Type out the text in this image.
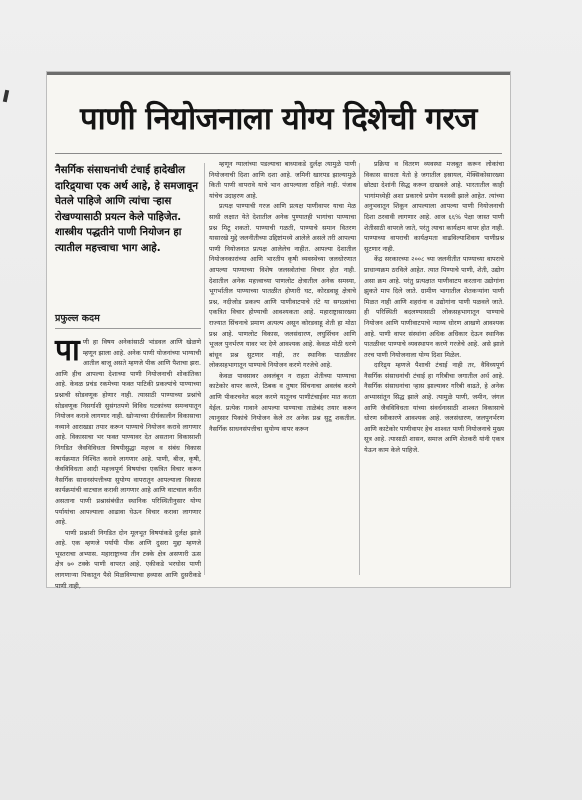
पाणी नियोजनाला योग्य दिशेची गरज
नैसर्गिक संसाधनांची टंचाई हादेखील दारिद्र्याचा एक अर्थ आहे, हे समजावून घेतले पाहिजे आणि त्यांचा ऱ्हास रोखण्यासाठी प्रयत्न केले पाहिजेत. शास्त्रीय पद्धतीने पाणी नियोजन हा त्यातील महत्त्वाचा भाग आहे.
प्रफुल्ल कदम
पाणी हा विषय अनेकांसाठी भांडवल आणि खेळणे म्हणून झाला आहे. अनेक पाणी योजनांच्या भाग्याची आतील बाजू असते म्हणजे पीक आणि पैशाचा झरा. आणि हीच आपल्या देशाच्या पाणी नियोजनाची शोकांतिका आहे. केवळ प्रचंड रकमेच्या फक्त पाटिकी प्रकल्पांचे पाण्याच्या प्रश्नाची सोडवणूक होणार नाही. त्यासाठी पाण्याच्या प्रश्नांचे सोडवणूक निसर्गाशी सुसंगतपणे विविध घटकांच्या समन्वयातून नियोजन करावे लागणार नाही. खोऱ्याच्या दीर्घकालीन विकासाचा नव्याने आराखडा तयार करून पाण्याचे नियोजन करावे लागणार आहे. विकासाचा भर फक्त पाण्यावर देत असताना विकासाशी निगडित जैवविविधता विषयीसुद्धा महत्त्व व संबंध विकास कार्यक्रमात निश्चित करावे लागणार आहे. पाणी, बीज, कृषी, जैवविविधता आदी महत्त्वपूर्ण विषयांचा एकत्रित विचार करून नैसर्गिक साधनसंपत्तीच्या सुयोग्य वापरातून आपल्याला विकास कार्यक्रमांची वाटचाल करावी लागणार आहे आणि वाटचाल करीत असताना पाणी प्रश्नासंबंधीत स्थानिक परिस्थितीनुसार योग्य पर्यायांचा आपल्याला आढावा घेऊन विचार करावा लागणार आहे.
पाणी प्रश्नाशी निगडित दोन मूलभूत विषयांकडे दुर्लक्ष झाले आहे. एक म्हणजे पर्यायी पीक आणि दुसरा मुद्दा म्हणजे भूस्तराचा अभ्यास. महाराष्ट्राच्या तीन टक्के क्षेत्र असणारी ऊस क्षेत्र ७० टक्के पाणी वापरत आहे. एकीकडे भरघोस पाणी लागणाऱ्या पिकातून पैसे मिळविण्याचा हव्यास आणि दुसरीकडे पाणी नाही,
म्हणून ग्यालांच्या पडल्याचा बाध्याकडे दुर्लक्ष त्यामुळे पाणी नियोजनाची दिशा आणि दशा आहे. जमिनी खारपड झाल्यामुळे किती पाणी वापरावे याचे भान आपल्याला राहिले नाही. पंजाब यांचेच उदाहरण आहे.
प्रत्यक्ष पाण्याची गरज आणि प्रत्यक्ष पाणीवापर याचा मेळ साधी लक्षात येते देशातील अनेक पुण्यातही भागांचा पाण्याचा प्रश्न मिटू शकतो. पाण्याची गळती, पाण्याचे समान वितरण यासारखे मुद्दे जलनीतीच्या उद्दिष्टांमध्ये आलेले असले तरी आपल्या पाणी नियोजनात प्रत्यक्ष आलेलेच नाहीत. आपल्या देशातील नियोजनकारांच्या आणि भारतीय कृषी व्यवस्थेच्या जलधोरणात आपल्या पाण्याच्या विशेष जलस्त्रोतांचा विचार होत नाही. देशातील अनेक महत्त्वाच्या पाणलोट क्षेत्रातील अनेक समस्या, भूगर्भातील पाण्याच्या पातळीत होणारी घट, कोरडवाहू क्षेत्राचे प्रश्न, नदीजोड प्रकल्प आणि पाणीवाटपाचे तंटे या सगळ्यांचा एकत्रित विचार होण्याची आवश्यकता आहे. महाराष्ट्रासारख्या राज्यात सिंचनाचे प्रमाण अत्यल्प असून कोरडवाहू शेती हा मोठा प्रश्न आहे. पाणलोट विकास, जलसंधारण, लघुसिंचन आणि भूजल पुनर्भरण यावर भर देणे आवश्यक आहे. केवळ मोठी धरणे बांधून प्रश्न सुटणार नाही, तर स्थानिक पातळीवर लोकसहभागातून पाण्याचे नियोजन करणे गरजेचे आहे.
केवळ पावसावर अवलंबून न राहता शेतीच्या पाण्याचा काटेकोर वापर करणे, ठिबक व तुषार सिंचनाचा अवलंब करणे आणि पीकरचनेत बदल करणे यातूनच पाणीटंचाईवर मात करता येईल. प्रत्येक गावाने आपल्या पाण्याचा ताळेबंद तयार करून त्यानुसार पिकांचे नियोजन केले तर अनेक प्रश्न सुटू शकतील. नैसर्गिक साधनसंपत्तीचा सुयोग्य वापर करून
प्रक्रिया व वितरण व्यवस्था मजबूत करून लोकांचा विकास साधता येतो हे जगातील इस्रायल, मेक्सिकोसारख्या छोट्या देशांनी सिद्ध करून दाखवले आहे. भारतातील काही भागांमध्येही अशा प्रकारचे प्रयोग यशस्वी झाले आहेत. त्यांच्या अनुभवातून शिकून आपल्याला आपल्या पाणी नियोजनाची दिशा ठरवावी लागणार आहे. आज ६६% पेक्षा जास्त पाणी शेतीसाठी वापरले जाते, परंतु त्याचा कार्यक्षम वापर होत नाही. पाण्याच्या वापराची कार्यक्षमता वाढविल्याशिवाय पाणीप्रश्न सुटणार नाही.
केंद्र सरकारच्या २००८ च्या जलनीतीत पाण्याच्या वापराचे प्राधान्यक्रम ठरविले आहेत. त्यात पिण्याचे पाणी, शेती, उद्योग असा क्रम आहे. परंतु प्रत्यक्षात पाणीवाटप करताना उद्योगांना झुकते माप दिले जाते. ग्रामीण भागातील शेतकऱ्यांना पाणी मिळत नाही आणि शहरांना व उद्योगांना पाणी पळवले जाते. ही परिस्थिती बदलण्यासाठी लोकसहभागातून पाण्याचे नियोजन आणि पाणीवाटपाचे न्याय्य धोरण आखणे आवश्यक आहे. पाणी वापर संस्थांना अधिक अधिकार देऊन स्थानिक पातळीवर पाण्याचे व्यवस्थापन करणे गरजेचे आहे. असे झाले तरच पाणी नियोजनाला योग्य दिशा मिळेल.
दारिद्र्य म्हणजे पैशाची टंचाई नाही तर, वैविध्यपूर्ण नैसर्गिक संसाधनांची टंचाई हा गरिबीचा जगातील अर्थ आहे. नैसर्गिक संसाधनांचा ऱ्हास झाल्यावर गरिबी वाढते, हे अनेक अभ्यासांतून सिद्ध झाले आहे. त्यामुळे पाणी, जमीन, जंगल आणि जैवविविधता यांच्या संवर्धनासाठी शाश्वत विकासाचे धोरण स्वीकारणे आवश्यक आहे. जलसंधारण, जलपुनर्भरण आणि काटेकोर पाणीवापर हेच शाश्वत पाणी नियोजनाचे मुख्य सूत्र आहे. त्यासाठी शासन, समाज आणि शेतकरी यांनी एकत्र येऊन काम केले पाहिजे.
